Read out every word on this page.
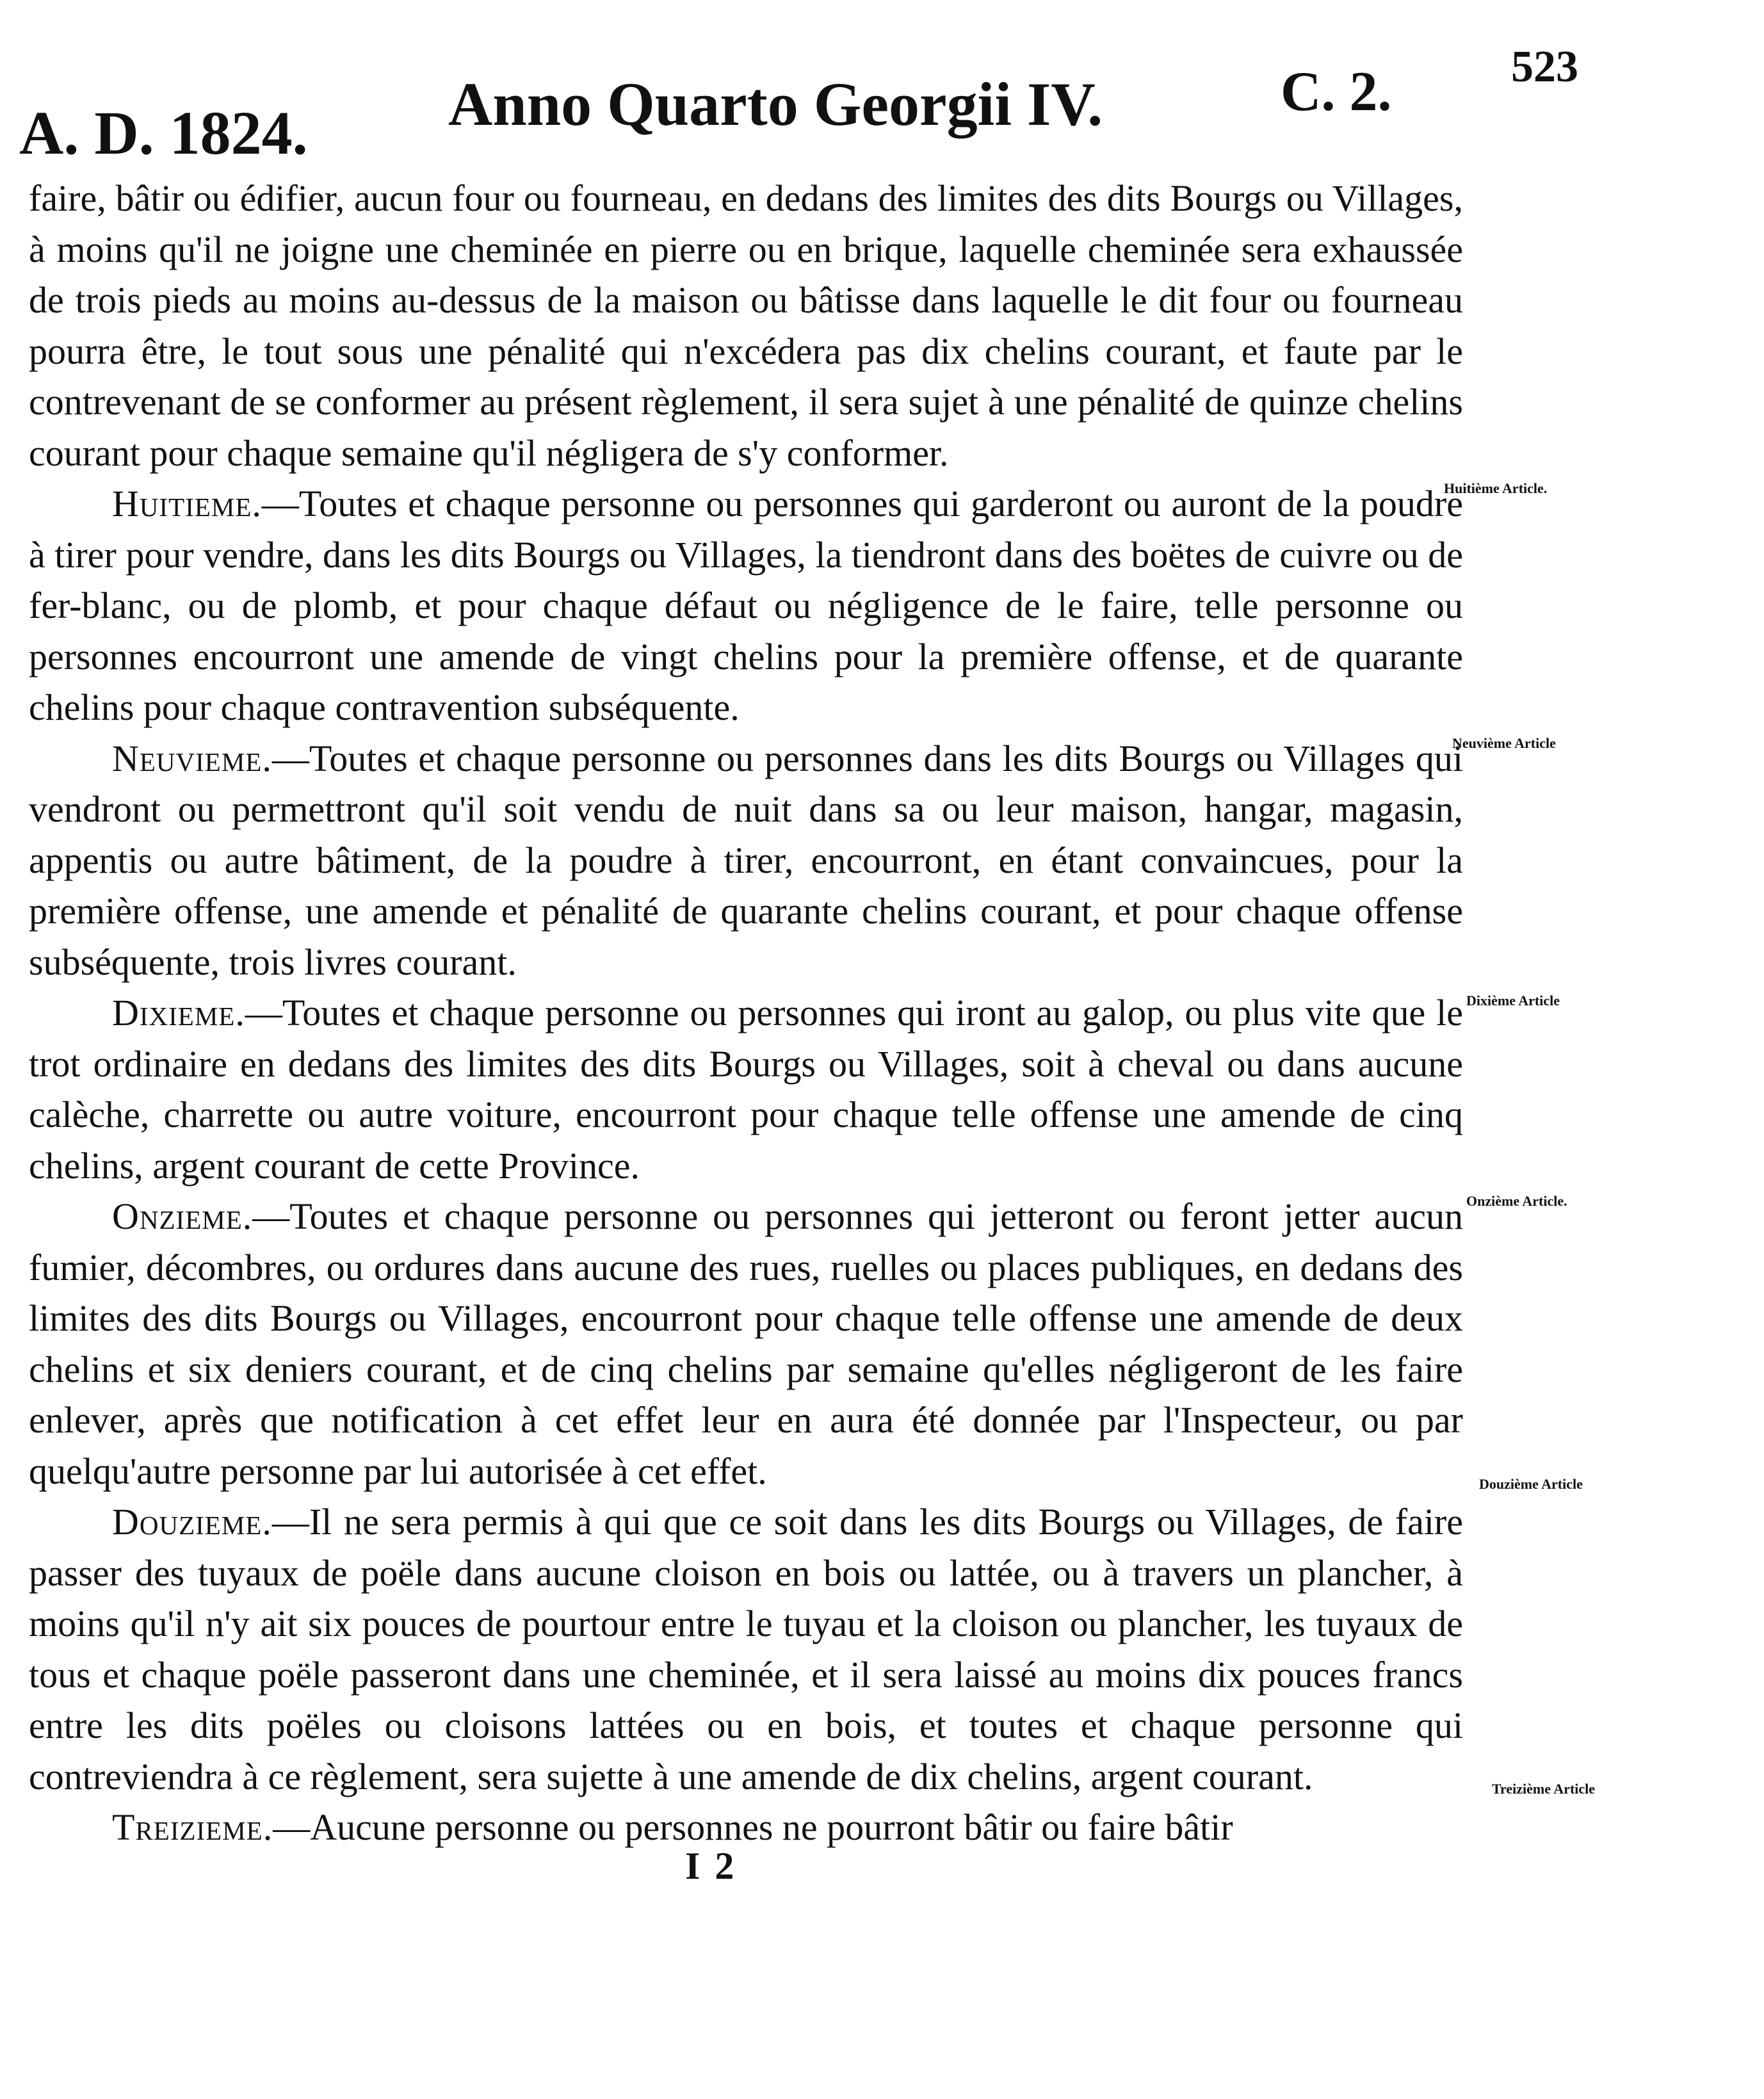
A. D. 1824. Anno Quarto Georgii IV.	C. 2.	523

faire, bâtir ou édifier, aucun four ou fourneau, en dedans des limites des dits Bourgs ou Villages, à moins qu'il ne joigne une cheminée en pierre ou en brique, laquelle cheminée sera exhaussée de trois pieds au moins au-dessus de la maison ou bâtisse dans laquelle le dit four ou fourneau pourra être, le tout sous une pénalité qui n'excédera pas dix chelins courant, et faute par le contrevenant de se conformer au présent règlement, il sera sujet à une pénalité de quinze chelins courant pour chaque semaine qu'il négligera de s'y conformer.

Huitieme.—Toutes et chaque personne ou personnes qui garderont ou auront de la poudre à tirer pour vendre, dans les dits Bourgs ou Villages, la tiendront dans des boëtes de cuivre ou de fer-blanc, ou de plomb, et pour chaque défaut ou négligence de le faire, telle personne ou personnes encourront une amende de vingt chelins pour la première offense, et de quarante chelins pour chaque contravention subséquente.

Neuvieme.—Toutes et chaque personne ou personnes dans les dits Bourgs ou Villages qui vendront ou permettront qu'il soit vendu de nuit dans sa ou leur maison, hangar, magasin, appentis ou autre bâtiment, de la poudre à tirer, encourront, en étant convaincues, pour la première offense, une amende et pénalité de quarante chelins courant, et pour chaque offense subséquente, trois livres courant.

Dixieme.—Toutes et chaque personne ou personnes qui iront au galop, ou plus vite que le trot ordinaire en dedans des limites des dits Bourgs ou Villages, soit à cheval ou dans aucune calèche, charrette ou autre voiture, encourront pour chaque telle offense une amende de cinq chelins, argent courant de cette Province.

Onzieme.—Toutes et chaque personne ou personnes qui jetteront ou feront jetter aucun fumier, décombres, ou ordures dans aucune des rues, ruelles ou places publiques, en dedans des limites des dits Bourgs ou Villages, encourront pour chaque telle offense une amende de deux chelins et six deniers courant, et de cinq chelins par semaine qu'elles négligeront de les faire enlever, après que notification à cet effet leur en aura été donnée par l'Inspecteur, ou par quelqu'autre personne par lui autorisée à cet effet.

Douzieme.—Il ne sera permis à qui que ce soit dans les dits Bourgs ou Villages, de faire passer des tuyaux de poële dans aucune cloison en bois ou lattée, ou à travers un plancher, à moins qu'il n'y ait six pouces de pourtour entre le tuyau et la cloison ou plancher, les tuyaux de tous et chaque poële passeront dans une cheminée, et il sera laissé au moins dix pouces francs entre les dits poëles ou cloisons lattées ou en bois, et toutes et chaque personne qui contreviendra à ce règlement, sera sujette à une amende de dix chelins, argent courant.

Treizieme.—Aucune personne ou personnes ne pourront bâtir ou faire bâtir

Huitième Article.
Neuvième Article
Dixième Article
Onzième Article.
Douzième Article
Treizième Article
I 2
